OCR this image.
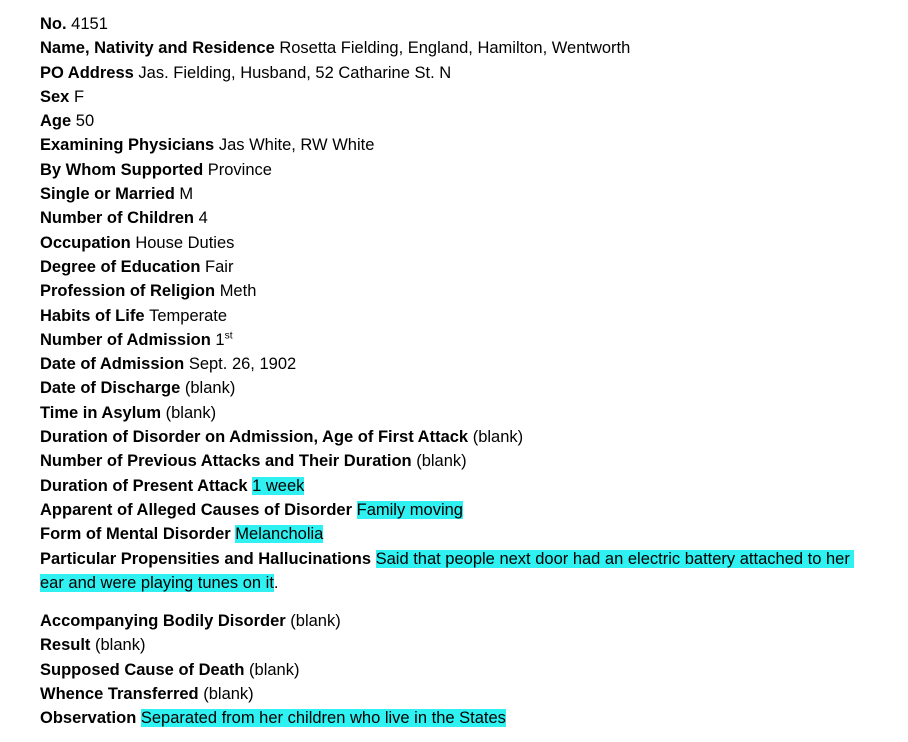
No. 4151
Name, Nativity and Residence Rosetta Fielding, England, Hamilton, Wentworth
PO Address Jas. Fielding, Husband, 52 Catharine St. N
Sex F
Age 50
Examining Physicians Jas White, RW White
By Whom Supported Province
Single or Married M
Number of Children 4
Occupation House Duties
Degree of Education Fair
Profession of Religion Meth
Habits of Life Temperate
Number of Admission 1st
Date of Admission Sept. 26, 1902
Date of Discharge (blank)
Time in Asylum (blank)
Duration of Disorder on Admission, Age of First Attack (blank)
Number of Previous Attacks and Their Duration (blank)
Duration of Present Attack 1 week
Apparent of Alleged Causes of Disorder Family moving
Form of Mental Disorder Melancholia
Particular Propensities and Hallucinations Said that people next door had an electric battery attached to her ear and were playing tunes on it.
Accompanying Bodily Disorder (blank)
Result (blank)
Supposed Cause of Death (blank)
Whence Transferred (blank)
Observation Separated from her children who live in the States
